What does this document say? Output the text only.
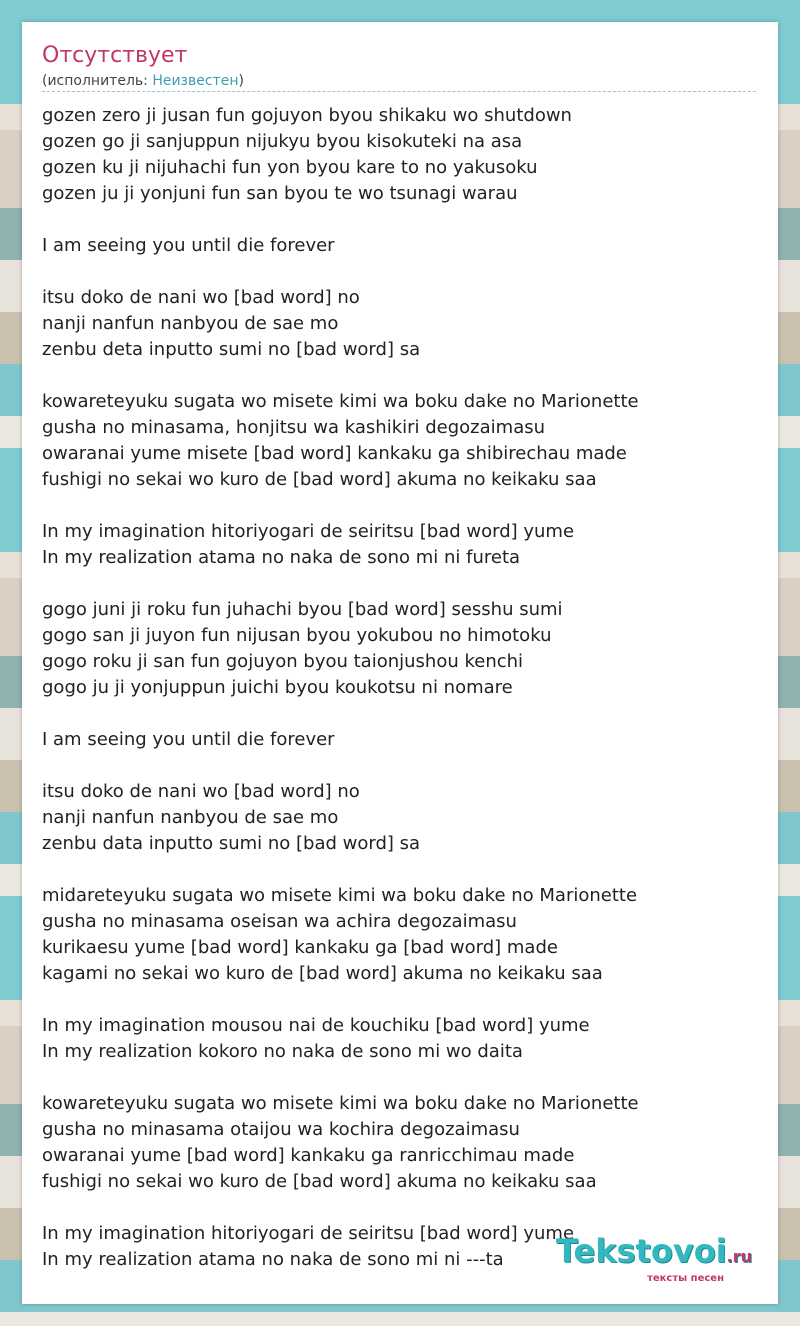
Отсутствует

(исполнитель: Неизвестен)

gozen zero ji jusan fun gojuyon byou shikaku wo shutdown
gozen go ji sanjuppun nijukyu byou kisokuteki na asa
gozen ku ji nijuhachi fun yon byou kare to no yakusoku
gozen ju ji yonjuni fun san byou te wo tsunagi warau
I am seeing you until die forever
itsu doko de nani wo [bad word] no
nanji nanfun nanbyou de sae mo
zenbu deta inputto sumi no [bad word] sa
kowareteyuku sugata wo misete kimi wa boku dake no Marionette
gusha no minasama, honjitsu wa kashikiri degozaimasu
owaranai yume misete [bad word] kankaku ga shibirechau made
fushigi no sekai wo kuro de [bad word] akuma no keikaku saa
In my imagination hitoriyogari de seiritsu [bad word] yume
In my realization atama no naka de sono mi ni fureta
gogo juni ji roku fun juhachi byou [bad word] sesshu sumi
gogo san ji juyon fun nijusan byou yokubou no himotoku
gogo roku ji san fun gojuyon byou taionjushou kenchi
gogo ju ji yonjuppun juichi byou koukotsu ni nomare
I am seeing you until die forever
itsu doko de nani wo [bad word] no
nanji nanfun nanbyou de sae mo
zenbu data inputto sumi no [bad word] sa
midareteyuku sugata wo misete kimi wa boku dake no Marionette
gusha no minasama oseisan wa achira degozaimasu
kurikaesu yume [bad word] kankaku ga [bad word] made
kagami no sekai wo kuro de [bad word] akuma no keikaku saa
In my imagination mousou nai de kouchiku [bad word] yume
In my realization kokoro no naka de sono mi wo daita
kowareteyuku sugata wo misete kimi wa boku dake no Marionette
gusha no minasama otaijou wa kochira degozaimasu
owaranai yume [bad word] kankaku ga ranricchimau made
fushigi no sekai wo kuro de [bad word] akuma no keikaku saa
In my imagination hitoriyogari de seiritsu [bad word] yume
In my realization atama no naka de sono mi ni ---ta	Tekstovoi.ru
тексты песен
